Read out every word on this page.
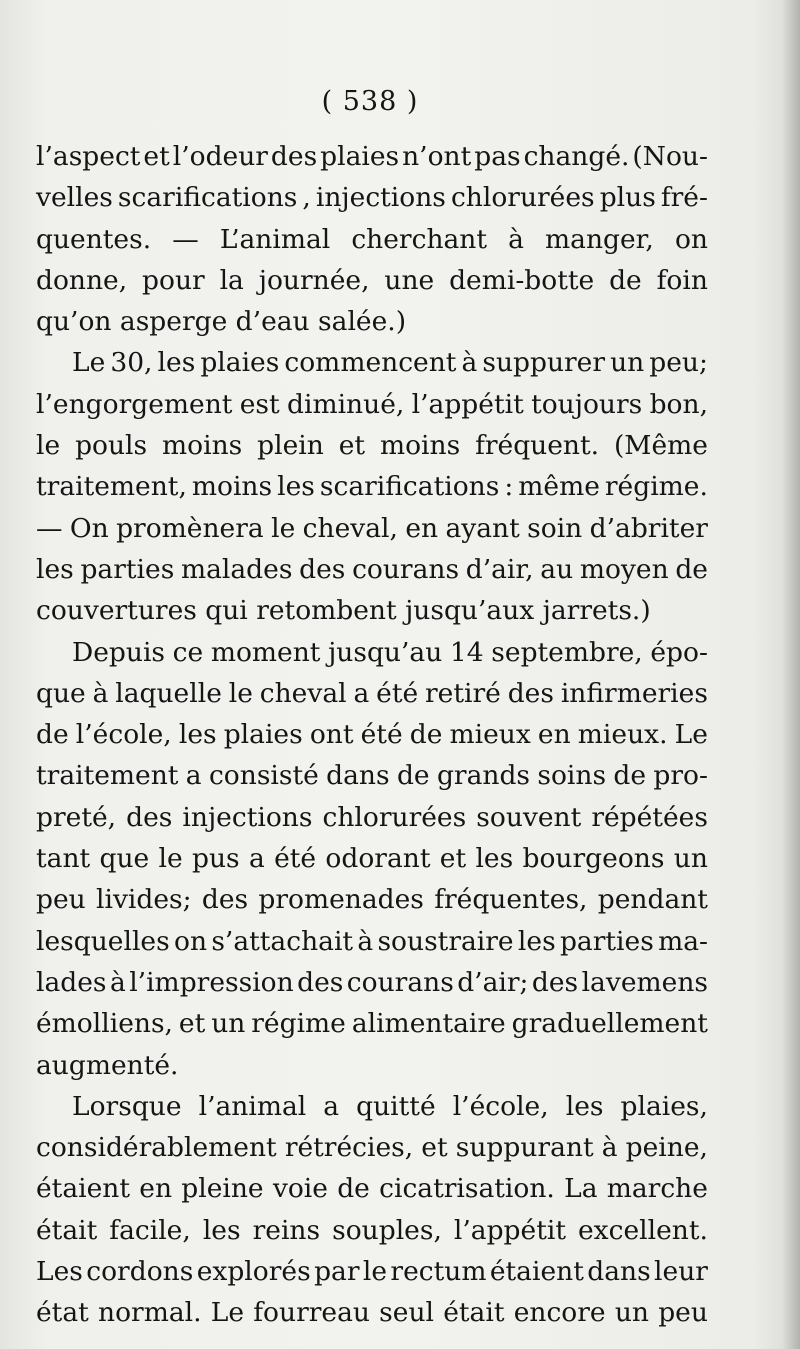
( 538 )
l’aspect et l’odeur des plaies n’ont pas changé. (Nou-
velles scarifications , injections chlorurées plus fré-
quentes. — L’animal cherchant à manger, on
donne, pour la journée, une demi-botte de foin
qu’on asperge d’eau salée.)
Le 30, les plaies commencent à suppurer un peu;
l’engorgement est diminué, l’appétit toujours bon,
le pouls moins plein et moins fréquent. (Même
traitement, moins les scarifications : même régime.
— On promènera le cheval, en ayant soin d’abriter
les parties malades des courans d’air, au moyen de
couvertures qui retombent jusqu’aux jarrets.)
Depuis ce moment jusqu’au 14 septembre, épo-
que à laquelle le cheval a été retiré des infirmeries
de l’école, les plaies ont été de mieux en mieux. Le
traitement a consisté dans de grands soins de pro-
preté, des injections chlorurées souvent répétées
tant que le pus a été odorant et les bourgeons un
peu livides; des promenades fréquentes, pendant
lesquelles on s’attachait à soustraire les parties ma-
lades à l’impression des courans d’air; des lavemens
émolliens, et un régime alimentaire graduellement
augmenté.
Lorsque l’animal a quitté l’école, les plaies,
considérablement rétrécies, et suppurant à peine,
étaient en pleine voie de cicatrisation. La marche
était facile, les reins souples, l’appétit excellent.
Les cordons explorés par le rectum étaient dans leur
état normal. Le fourreau seul était encore un peu
